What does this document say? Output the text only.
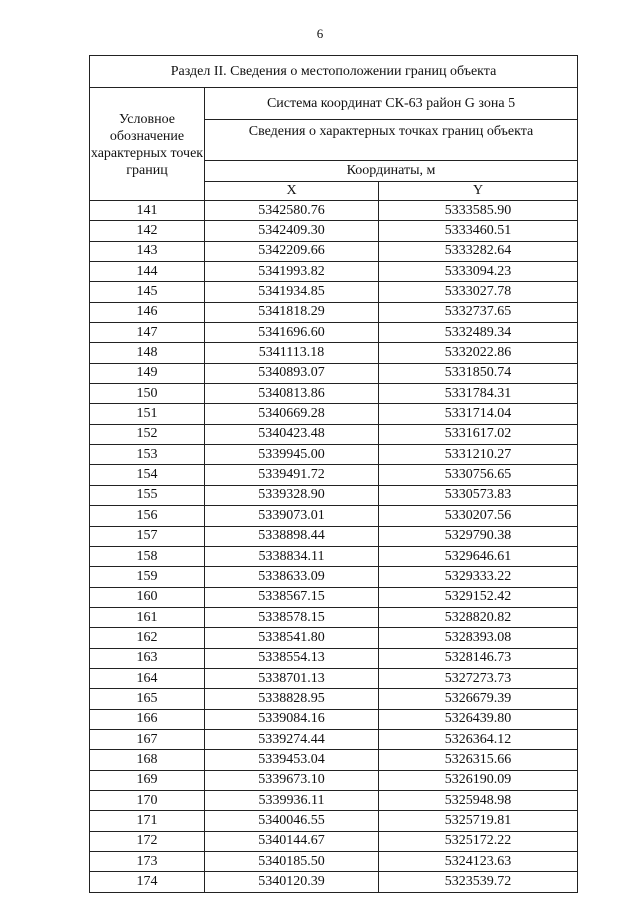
6
Раздел II. Сведения о местоположении границ объекта		
Условное обозначение характерных точек границ	Система координат СК-63 район G зона 5	
	Сведения о характерных точках границ объекта	
	Координаты, м	
	X	Y
141	5342580.76	5333585.90
142	5342409.30	5333460.51
143	5342209.66	5333282.64
144	5341993.82	5333094.23
145	5341934.85	5333027.78
146	5341818.29	5332737.65
147	5341696.60	5332489.34
148	5341113.18	5332022.86
149	5340893.07	5331850.74
150	5340813.86	5331784.31
151	5340669.28	5331714.04
152	5340423.48	5331617.02
153	5339945.00	5331210.27
154	5339491.72	5330756.65
155	5339328.90	5330573.83
156	5339073.01	5330207.56
157	5338898.44	5329790.38
158	5338834.11	5329646.61
159	5338633.09	5329333.22
160	5338567.15	5329152.42
161	5338578.15	5328820.82
162	5338541.80	5328393.08
163	5338554.13	5328146.73
164	5338701.13	5327273.73
165	5338828.95	5326679.39
166	5339084.16	5326439.80
167	5339274.44	5326364.12
168	5339453.04	5326315.66
169	5339673.10	5326190.09
170	5339936.11	5325948.98
171	5340046.55	5325719.81
172	5340144.67	5325172.22
173	5340185.50	5324123.63
174	5340120.39	5323539.72
